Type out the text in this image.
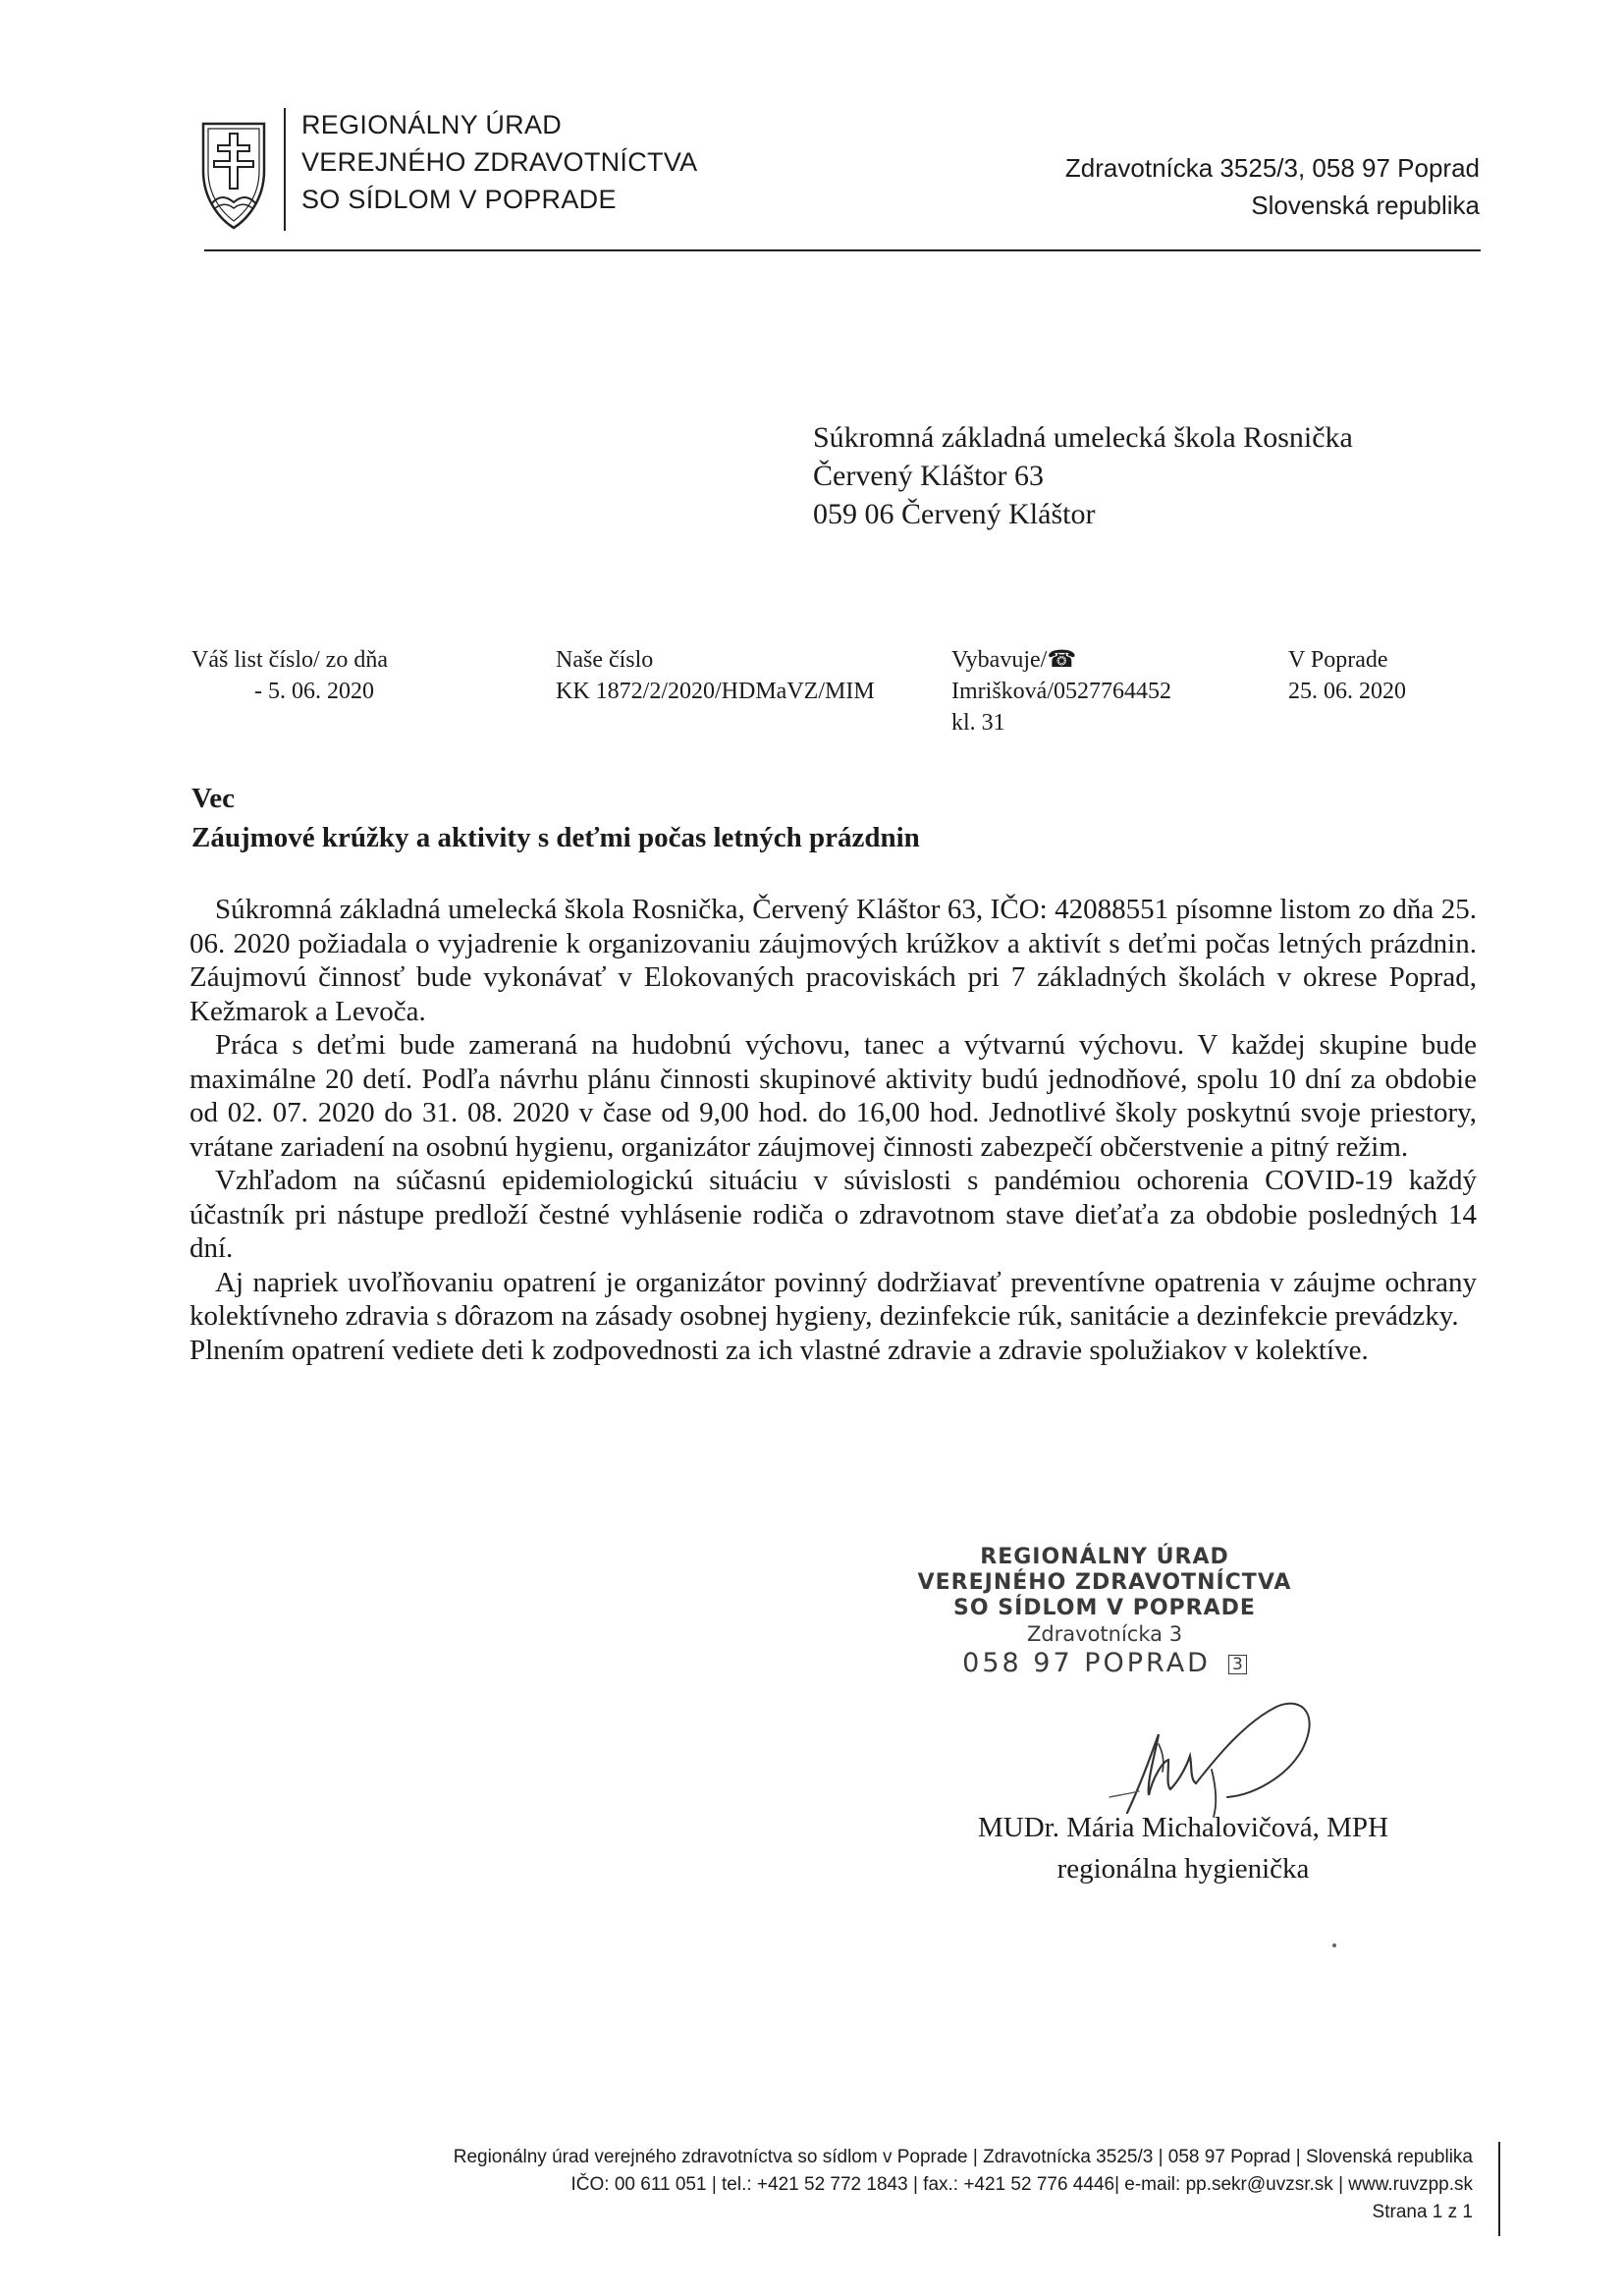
REGIONÁLNY ÚRAD
VEREJNÉHO ZDRAVOTNÍCTVA
SO SÍDLOM V POPRADE
Zdravotnícka 3525/3, 058 97 Poprad
Slovenská republika
Súkromná základná umelecká škola Rosnička
Červený Kláštor 63
059 06 Červený Kláštor
Váš list číslo/ zo dňa
- 5. 06. 2020
Naše číslo
KK 1872/2/2020/HDMaVZ/MIM
Vybavuje/☎
Imrišková/0527764452
kl. 31
V Poprade
25. 06. 2020
Vec
Záujmové krúžky a aktivity s deťmi počas letných prázdnin

Súkromná základná umelecká škola Rosnička, Červený Kláštor 63, IČO: 42088551 písomne listom zo dňa 25. 06. 2020 požiadala o vyjadrenie k organizovaniu záujmových krúžkov a aktivít s deťmi počas letných prázdnin. Záujmovú činnosť bude vykonávať v Elokovaných pracoviskách pri 7 základných školách v okrese Poprad, Kežmarok a Levoča.

Práca s deťmi bude zameraná na hudobnú výchovu, tanec a výtvarnú výchovu. V každej skupine bude maximálne 20 detí. Podľa návrhu plánu činnosti skupinové aktivity budú jednodňové, spolu 10 dní za obdobie od 02. 07. 2020 do 31. 08. 2020 v čase od 9,00 hod. do 16,00 hod. Jednotlivé školy poskytnú svoje priestory, vrátane zariadení na osobnú hygienu, organizátor záujmovej činnosti zabezpečí občerstvenie a pitný režim.

Vzhľadom na súčasnú epidemiologickú situáciu v súvislosti s pandémiou ochorenia COVID-19 každý účastník pri nástupe predloží čestné vyhlásenie rodiča o zdravotnom stave dieťaťa za obdobie posledných 14 dní.

Aj napriek uvoľňovaniu opatrení je organizátor povinný dodržiavať preventívne opatrenia v záujme ochrany kolektívneho zdravia s dôrazom na zásady osobnej hygieny, dezinfekcie rúk, sanitácie a dezinfekcie prevádzky.

Plnením opatrení vediete deti k zodpovednosti za ich vlastné zdravie a zdravie spolužiakov v kolektíve.

REGIONÁLNY ÚRAD
VEREJNÉHO ZDRAVOTNÍCTVA
SO SÍDLOM V POPRADE
Zdravotnícka 3
058 97 POPRAD 3
MUDr. Mária Michalovičová, MPH
regionálna hygienička
Regionálny úrad verejného zdravotníctva so sídlom v Poprade | Zdravotnícka 3525/3 | 058 97 Poprad | Slovenská republika
IČO: 00 611 051 | tel.: +421 52 772 1843 | fax.: +421 52 776 4446| e-mail: pp.sekr@uvzsr.sk | www.ruvzpp.sk
Strana 1 z 1
